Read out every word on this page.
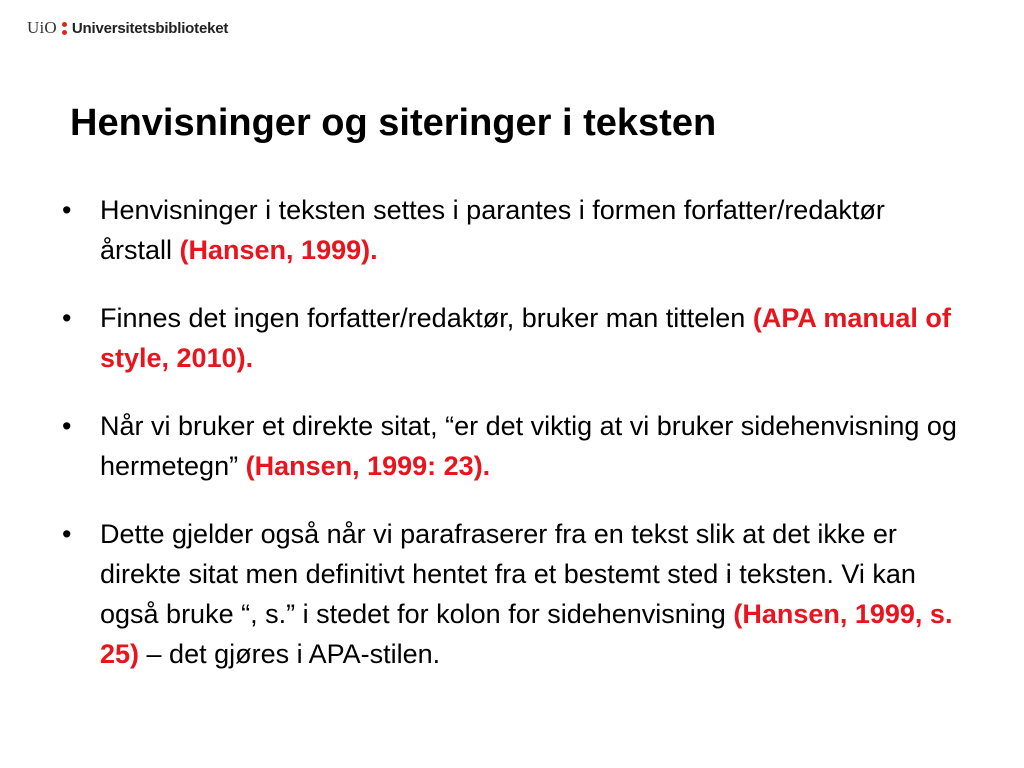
UiO Universitetsbiblioteket
Henvisninger og siteringer i teksten
• Henvisninger i teksten settes i parantes i formen forfatter/redaktør årstall (Hansen, 1999).
• Finnes det ingen forfatter/redaktør, bruker man tittelen (APA manual of style, 2010).
• Når vi bruker et direkte sitat, “er det viktig at vi bruker sidehenvisning og hermetegn” (Hansen, 1999: 23).
• Dette gjelder også når vi parafraserer fra en tekst slik at det ikke er direkte sitat men definitivt hentet fra et bestemt sted i teksten. Vi kan også bruke “, s.” i stedet for kolon for sidehenvisning (Hansen, 1999, s. 25) – det gjøres i APA-stilen.
